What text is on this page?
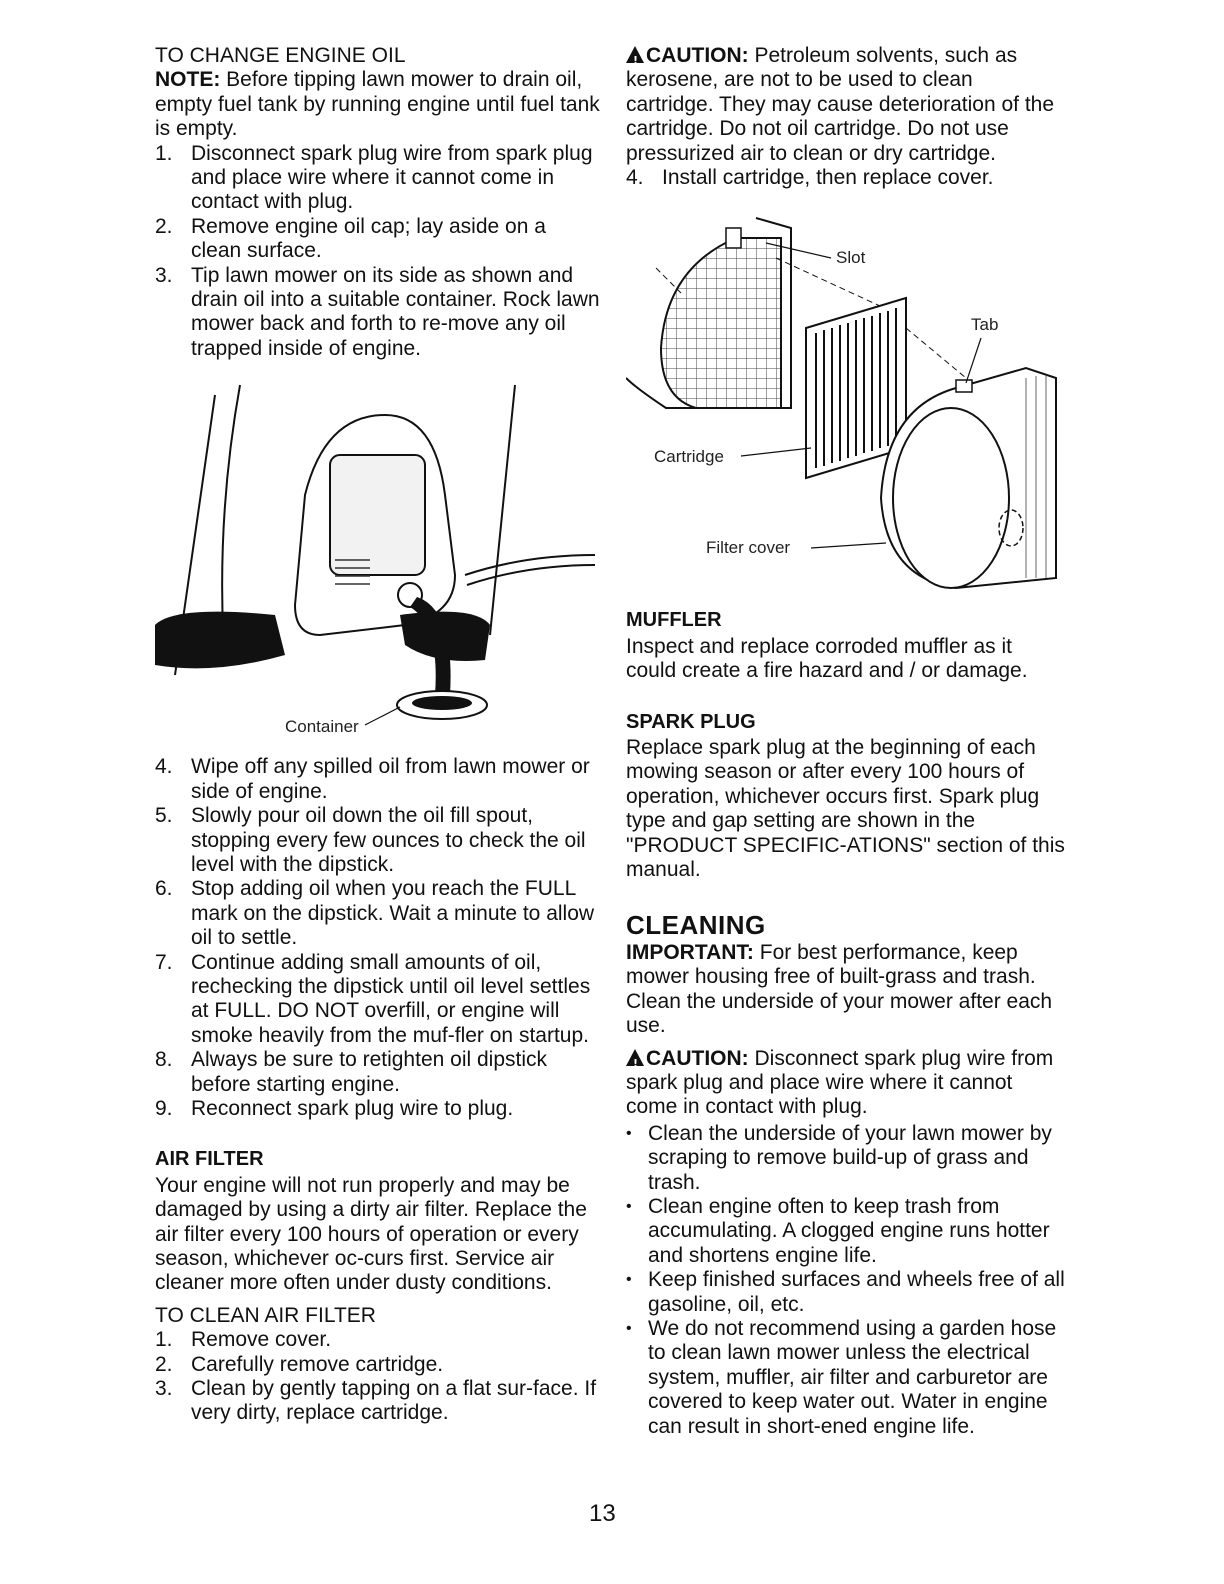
TO CHANGE ENGINE OIL

NOTE: Before tipping lawn mower to drain oil, empty fuel tank by running engine until fuel tank is empty.

1. Disconnect spark plug wire from spark plug and place wire where it cannot come in contact with plug.
2. Remove engine oil cap; lay aside on a clean surface.
3. Tip lawn mower on its side as shown and drain oil into a suitable container. Rock lawn mower back and forth to re-move any oil trapped inside of engine.
Container
4. Wipe off any spilled oil from lawn mower or side of engine.
5. Slowly pour oil down the oil fill spout, stopping every few ounces to check the oil level with the dipstick.
6. Stop adding oil when you reach the FULL mark on the dipstick. Wait a minute to allow oil to settle.
7. Continue adding small amounts of oil, rechecking the dipstick until oil level settles at FULL. DO NOT overfill, or engine will smoke heavily from the muf-fler on startup.
8. Always be sure to retighten oil dipstick before starting engine.
9. Reconnect spark plug wire to plug.

AIR FILTER

Your engine will not run properly and may be damaged by using a dirty air filter. Replace the air filter every 100 hours of operation or every season, whichever oc-curs first. Service air cleaner more often under dusty conditions.

TO CLEAN AIR FILTER

1. Remove cover.
2. Carefully remove cartridge.
3. Clean by gently tapping on a flat sur-face. If very dirty, replace cartridge.

!CAUTION: Petroleum solvents, such as kerosene, are not to be used to clean cartridge. They may cause deterioration of the cartridge. Do not oil cartridge. Do not use pressurized air to clean or dry cartridge.

4. Install cartridge, then replace cover.
Slot
Tab
Cartridge
Filter cover

MUFFLER

Inspect and replace corroded muffler as it could create a fire hazard and / or damage.

SPARK PLUG

Replace spark plug at the beginning of each mowing season or after every 100 hours of operation, whichever occurs first. Spark plug type and gap setting are shown in the "PRODUCT SPECIFIC-ATIONS" section of this manual.

CLEANING

IMPORTANT: For best performance, keep mower housing free of built-grass and trash. Clean the underside of your mower after each use.

!CAUTION: Disconnect spark plug wire from spark plug and place wire where it cannot come in contact with plug.

• Clean the underside of your lawn mower by scraping to remove build-up of grass and trash.
• Clean engine often to keep trash from accumulating. A clogged engine runs hotter and shortens engine life.
• Keep finished surfaces and wheels free of all gasoline, oil, etc.
• We do not recommend using a garden hose to clean lawn mower unless the electrical system, muffler, air filter and carburetor are covered to keep water out. Water in engine can result in short-ened engine life.
13
